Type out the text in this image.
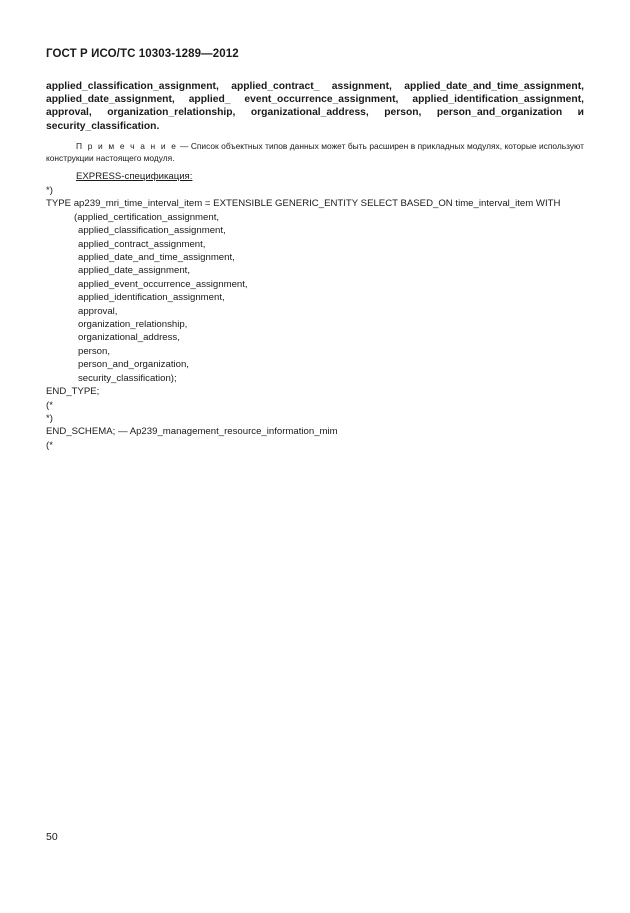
ГОСТ Р ИСО/ТС 10303-1289—2012
applied_classification_assignment, applied_contract_ assignment, applied_date_and_time_assignment, applied_date_assignment, applied_ event_occurrence_assignment, applied_identification_assignment, approval, organization_relationship, organizational_address, person, person_and_organization и security_classification.
П р и м е ч а н и е — Список объектных типов данных может быть расширен в прикладных модулях, которые используют конструкции настоящего модуля.
EXPRESS-спецификация:
*)
TYPE ap239_mri_time_interval_item = EXTENSIBLE GENERIC_ENTITY SELECT BASED_ON time_interval_item WITH
(applied_certification_assignment,
applied_classification_assignment,
applied_contract_assignment,
applied_date_and_time_assignment,
applied_date_assignment,
applied_event_occurrence_assignment,
applied_identification_assignment,
approval,
organization_relationship,
organizational_address,
person,
person_and_organization,
security_classification);
END_TYPE;
(*
*)
END_SCHEMA; — Ap239_management_resource_information_mim
(*
50
